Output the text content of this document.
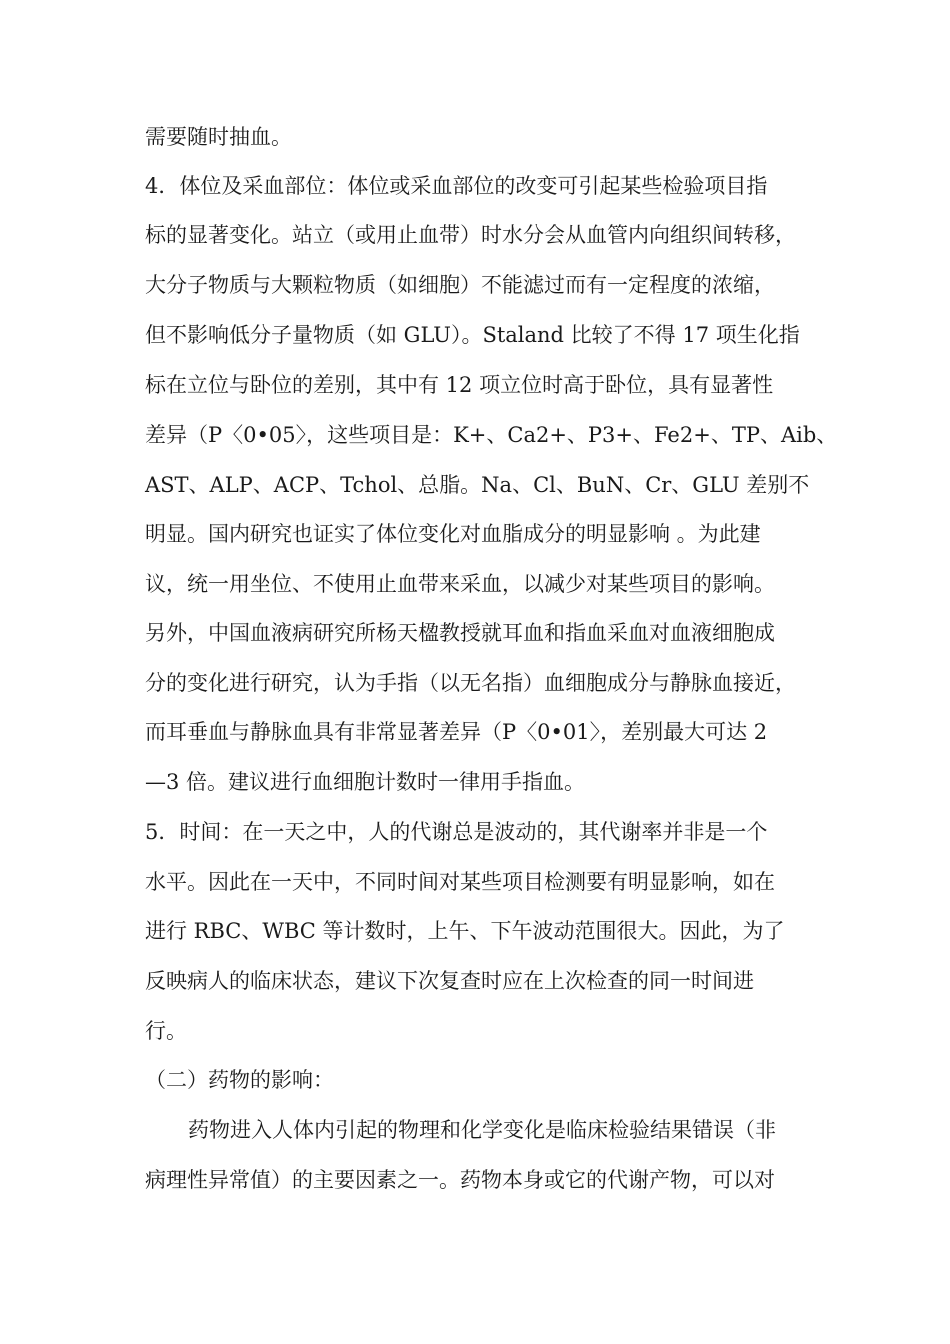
需要随时抽血。
4．体位及采血部位：体位或采血部位的改变可引起某些检验项目指
标的显著变化。站立（或用止血带）时水分会从血管内向组织间转移，
大分子物质与大颗粒物质（如细胞）不能滤过而有一定程度的浓缩，
但不影响低分子量物质（如 GLU）。Staland 比较了不得 17 项生化指
标在立位与卧位的差别，其中有 12 项立位时高于卧位，具有显著性
差异（P〈0•05〉，这些项目是：K+、Ca2+、P3+、Fe2+、TP、Aib、
AST、ALP、ACP、Tchol、总脂。Na、Cl、BuN、Cr、GLU 差别不
明显。国内研究也证实了体位变化对血脂成分的明显影响 。为此建
议，统一用坐位、不使用止血带来采血，以减少对某些项目的影响。
另外，中国血液病研究所杨天楹教授就耳血和指血采血对血液细胞成
分的变化进行研究，认为手指（以无名指）血细胞成分与静脉血接近，
而耳垂血与静脉血具有非常显著差异（P〈0•01〉，差别最大可达 2
—3 倍。建议进行血细胞计数时一律用手指血。
5．时间：在一天之中，人的代谢总是波动的，其代谢率并非是一个
水平。因此在一天中，不同时间对某些项目检测要有明显影响，如在
进行 RBC、WBC 等计数时，上午、下午波动范围很大。因此，为了
反映病人的临床状态，建议下次复查时应在上次检查的同一时间进
行。
（二）药物的影响：
药物进入人体内引起的物理和化学变化是临床检验结果错误（非
病理性异常值）的主要因素之一。药物本身或它的代谢产物，可以对
